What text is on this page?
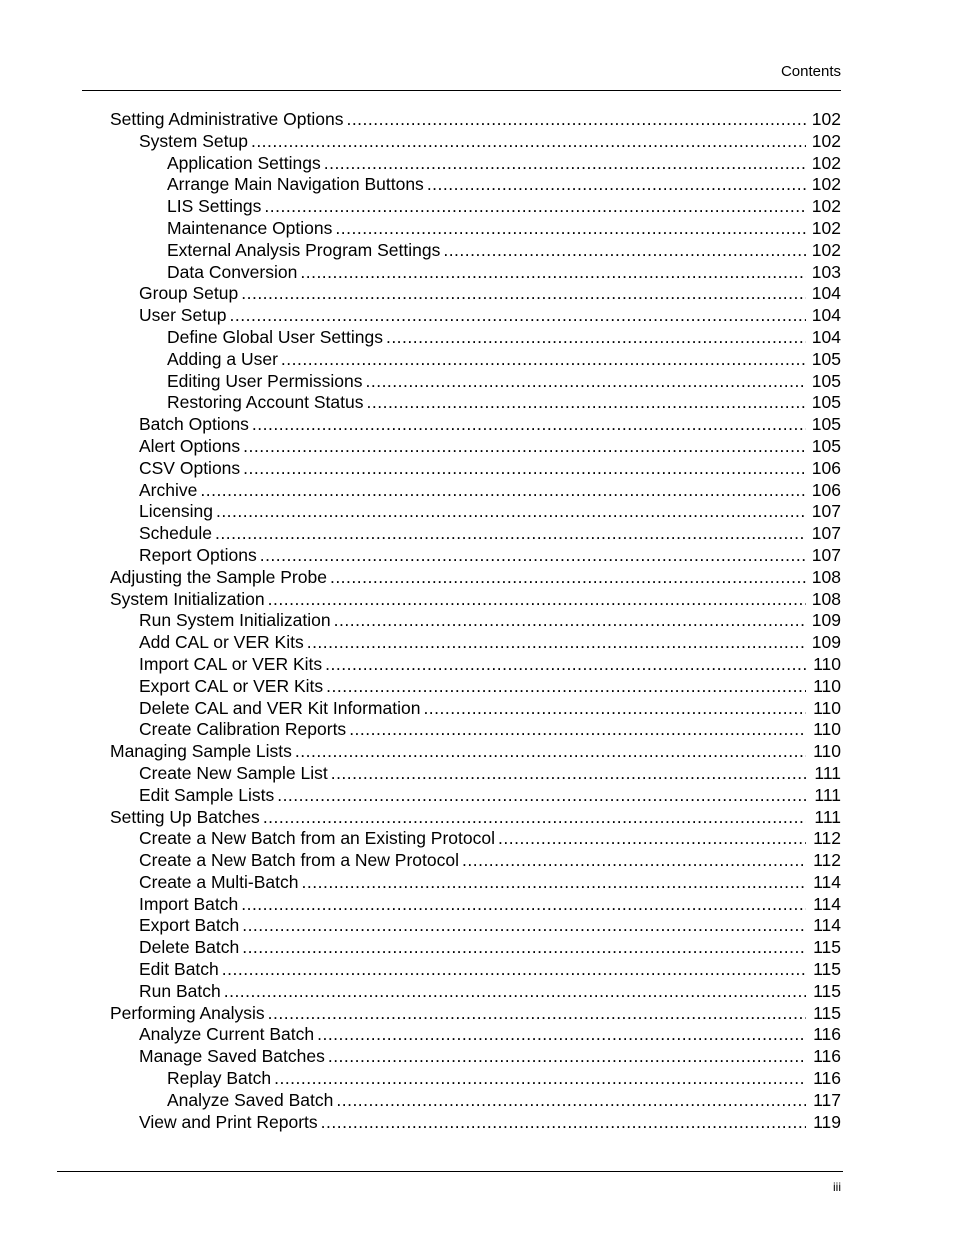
Contents
Setting Administrative Options .....	102
System Setup .....	102
Application Settings .....	102
Arrange Main Navigation Buttons .....	102
LIS Settings .....	102
Maintenance Options .....	102
External Analysis Program Settings .....	102
Data Conversion .....	103
Group Setup .....	104
User Setup .....	104
Define Global User Settings .....	104
Adding a User .....	105
Editing User Permissions .....	105
Restoring Account Status .....	105
Batch Options .....	105
Alert Options .....	105
CSV Options .....	106
Archive .....	106
Licensing .....	107
Schedule .....	107
Report Options .....	107
Adjusting the Sample Probe .....	108
System Initialization .....	108
Run System Initialization .....	109
Add CAL or VER Kits .....	109
Import CAL or VER Kits .....	110
Export CAL or VER Kits .....	110
Delete CAL and VER Kit Information .....	110
Create Calibration Reports .....	110
Managing Sample Lists .....	110
Create New Sample List .....	111
Edit Sample Lists .....	111
Setting Up Batches .....	111
Create a New Batch from an Existing Protocol .....	112
Create a New Batch from a New Protocol .....	112
Create a Multi-Batch .....	114
Import Batch .....	114
Export Batch .....	114
Delete Batch .....	115
Edit Batch .....	115
Run Batch .....	115
Performing Analysis .....	115
Analyze Current Batch .....	116
Manage Saved Batches .....	116
Replay Batch .....	116
Analyze Saved Batch .....	117
View and Print Reports .....	119
iii
